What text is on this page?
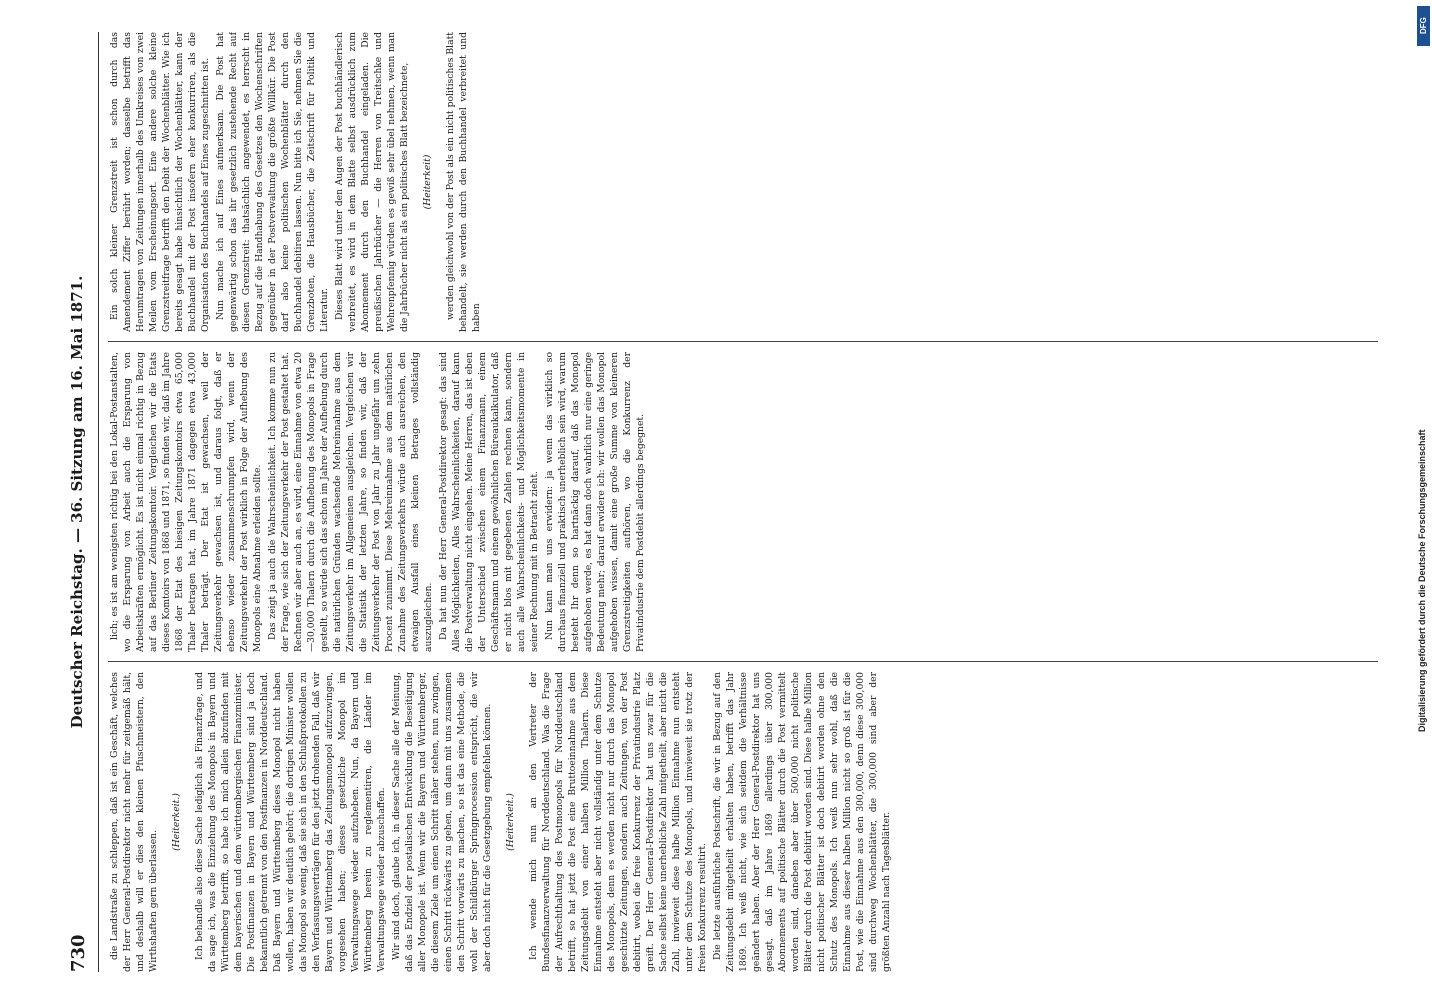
730
Deutscher Reichstag. — 36. Sitzung am 16. Mai 1871.

die Landstraße zu schleppen, daß ist ein Geschäft, welches der Herr General-Postdirektor nicht mehr für zeitgemäß hält, und deshalb will er dies den kleinen Pfuschmeistern, den Wirthshaften gern überlassen.

(Heiterkeit.) Ich behandle also diese Sache lediglich als Finanzfrage, und da sage ich, was die Einziehung des Monopols in Bayern und Württemberg betrifft, so habe ich mich allein abzufinden mit dem bayerischen und dem württembergischen Finanzminister. Die Postfinanzen in Bayern und Württemberg sind ja doch bekanntlich getrennt von den Postfinanzen in Norddeutschland. Daß Bayern und Württemberg dieses Monopol nicht haben wollen, haben wir deutlich gehört; die dortigen Minister wollen das Monopol so wenig, daß sie sich in den Schlußprotokollen zu den Verfassungsverträgen für den jetzt drohenden Fall, daß wir Bayern und Württemberg das Zeitungsmonopol aufzuzwingen, vorgesehen haben; dieses gesetzliche Monopol im Verwaltungswege wieder aufzuheben. Nun, da Bayern und Württemberg herein zu reglementiren, die Länder im Verwaltungswege wieder abzuschaffen. Wir sind doch, glaube ich, in dieser Sache alle der Meinung, daß das Endziel der postalischen Entwicklung die Beseitigung aller Monopole ist. Wenn wir die Bayern und Württemberger, die diesem Ziele um einen Schritt näher stehen, nun zwingen, einen Schritt rückwärts zu gehen, um dann mit uns zusammen den Schritt vorwärts zu machen, so ist das eine Methode, die wohl der Schildbürger Springprocession entspricht, die wir aber doch nicht für die Gesetzgebung empfehlen können. (Heiterkeit.) Ich wende mich nun an den Vertreter der Bundesfinanzverwaltung für Norddeutschland. Was die Frage der Aufrechthaltung des Postmonopols für Norddeutschland betrifft, so hat jetzt die Post eine Bruttoeinnahme aus dem Zeitungsdebit von einer halben Million Thalern. Diese Einnahme entsteht aber nicht vollständig unter dem Schutze des Monopols, denn es werden nicht nur durch das Monopol geschützte Zeitungen, sondern auch Zeitungen, von der Post debitirt, wobei die freie Konkurrenz der Privatindustrie Platz greift. Der Herr General-Postdirektor hat uns zwar für die Sache selbst keine unerhebliche Zahl mitgetheilt, aber nicht die Zahl, inwieweit diese halbe Million Einnahme nun entsteht unter dem Schutze des Monopols, und inwieweit sie trotz der freien Konkurrenz resultirt. Die letzte ausführliche Postschrift, die wir in Bezug auf den Zeitungsdebit mitgetheilt erhalten haben, betrifft das Jahr 1869. Ich weiß nicht, wie sich seitdem die Verhältnisse geändert haben. Aber der Herr General-Postdirektor hat uns gesagt, daß im Jahre 1869 allerdings über 300,000 Abonnements auf politische Blätter durch die Post vermittelt worden sind, daneben aber über 500,000 nicht politische Blätter durch die Post debitirt worden sind. Diese halbe Million nicht politischer Blätter ist doch debitirt worden ohne den Schutz des Monopols. Ich weiß nun sehr wohl, daß die Einnahme aus dieser halben Million nicht so groß ist für die Post, wie die Einnahme aus den 300,000, denn diese 300,000 sind durchweg Wochenblätter, die 300,000 sind aber der größten Anzahl nach Tagesblätter.

lich; es ist am wenigsten richtig bei den Lokal-Postanstalten, wo die Ersparung von Arbeit auch die Ersparung von Arbeitskräften ermöglicht. Es ist nicht einmal richtig in Bezug auf das Berliner Zeitungskomtoir. Vergleichen wir die Etats dieses Komtoirs von 1868 und 1871, so finden wir, daß im Jahre 1868 der Etat des hiesigen Zeitungskomtoirs etwa 65,000 Thaler betragen hat, im Jahre 1871 dagegen etwa 43,000 Thaler beträgt. Der Etat ist gewachsen, weil der Zeitungsverkehr gewachsen ist, und daraus folgt, daß er ebenso wieder zusammenschrumpfen wird, wenn der Zeitungsverkehr der Post wirklich in Folge der Aufhebung des Monopols eine Abnahme erleiden sollte. Das zeigt ja auch die Wahrscheinlichkeit. Ich komme nun zu der Frage, wie sich der Zeitungsverkehr der Post gestaltet hat. Rechnen wir aber auch an, es wird, eine Einnahme von etwa 20—30,000 Thalern durch die Aufhebung des Monopols in Frage gestellt, so würde sich das schon im Jahre der Aufhebung durch die natürlichen Gründen wachsende Mehreinnahme aus dem Zeitungsverkehr im Allgemeinen ausgleichen. Vergleichen wir die Statistik der letzten Jahre, so finden wir, daß der Zeitungsverkehr der Post von Jahr zu Jahr ungefähr um zehn Procent zunimmt. Diese Mehreinnahme aus dem natürlichen Zunahme des Zeitungsverkehrs würde auch ausreichen, den etwaigen Ausfall eines kleinen Betrages vollständig auszugleichen. Da hat nun der Herr General-Postdirektor gesagt: das sind Alles Möglichkeiten, Alles Wahrscheinlichkeiten, darauf kann die Postverwaltung nicht eingehen. Meine Herren, das ist eben der Unterschied zwischen einem Finanzmann, einem Geschäftsmann und einem gewöhnlichen Büreaukalkulator, daß er nicht blos mit gegebenen Zahlen rechnen kann, sondern auch alle Wahrscheinlichkeits- und Möglichkeitsmomente in seiner Rechnung mit in Betracht zieht. Nun kann man uns erwidern: ja wenn das wirklich so durchaus finanziell und praktisch unerheblich sein wird, warum besteht Ihr denn so hartnäckig darauf, daß das Monopol aufgehoben werde, es hat dann doch wahrlich nur eine geringe Bedeutung mehr; darauf erwidere ich: wir wollen das Monopol aufgehoben wissen, damit eine große Summe von kleineren Grenzstreitigkeiten aufhören, wo die Konkurrenz der Privatindustrie dem Postdebit allerdings begegnet.

Ein solch kleiner Grenzstreit ist schon durch das Amendement Ziffer berührt worden; dasselbe betrifft das Herumtragen von Zeitungen innerhalb des Umkreises von zwei Meilen vom Erscheinungsort. Eine andere solche kleine Grenzstreitfrage betrifft den Debit der Wochenblätter. Wie ich bereits gesagt habe hinsichtlich der Wochenblätter, kann der Buchhandel mit der Post insofern eher konkurriren, als die Organisation des Buchhandels auf Eines zugeschnitten ist. Nun mache ich auf Eines aufmerksam. Die Post hat gegenwärtig schon das ihr gesetzlich zustehende Recht auf diesen Grenzstreit: thatsächlich angewendet, es herrscht in Bezug auf die Handhabung des Gesetzes den Wochenschriften gegenüber in der Postverwaltung die größte Willkür. Die Post darf also keine politischen Wochenblätter durch den Buchhandel debitiren lassen. Nun bitte ich Sie, nehmen Sie die Grenzboten, die Hausbücher, die Zeitschrift für Politik und Literatur. Dieses Blatt wird unter den Augen der Post buchhändlerisch verbreitet, es wird in dem Blatte selbst ausdrücklich zum Abonnement durch den Buchhandel eingeladen. Die preußischen Jahrbücher — die Herren von Treitschke und Wehrenpfennig würden es gewiß sehr übel nehmen, wenn man die Jahrbücher nicht als ein politisches Blatt bezeichnete, (Heiterkeit) werden gleichwohl von der Post als ein nicht politisches Blatt behandelt, sie werden durch den Buchhandel verbreitet und haben

DFG
Digitalisierung gefördert durch die Deutsche Forschungsgemeinschaft
